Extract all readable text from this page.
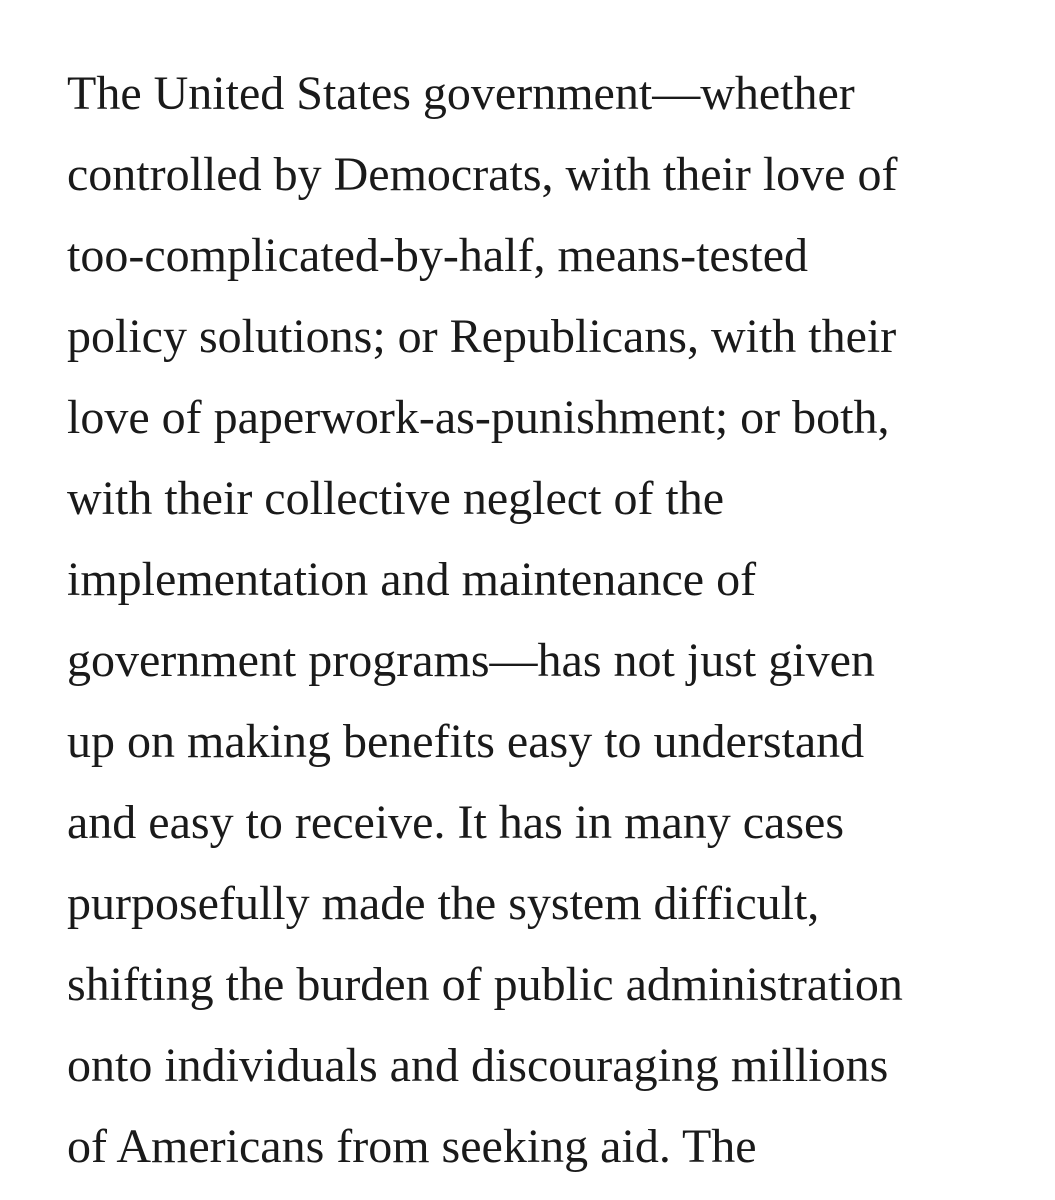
The United States government—whether
controlled by Democrats, with their love of
too-complicated-by-half, means-tested
policy solutions; or Republicans, with their
love of paperwork-as-punishment; or both,
with their collective neglect of the
implementation and maintenance of
government programs—has not just given
up on making benefits easy to understand
and easy to receive. It has in many cases
purposefully made the system difficult,
shifting the burden of public administration
onto individuals and discouraging millions
of Americans from seeking aid. The
